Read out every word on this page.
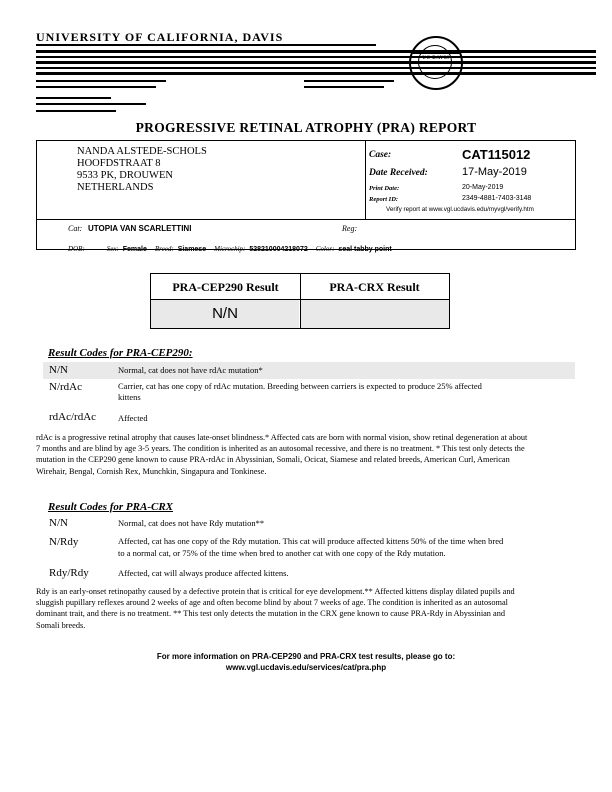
UNIVERSITY OF CALIFORNIA, DAVIS
UC DAVIS
PROGRESSIVE RETINAL ATROPHY (PRA) REPORT
NANDA ALSTEDE-SCHOLS
HOOFDSTRAAT 8
9533 PK, DROUWEN
NETHERLANDS
Case:	CAT115012
Date Received:	17-May-2019
Print Date:	20-May-2019
Report ID:	2349-4881-7403-3148
Verify report at www.vgl.ucdavis.edu/myvgl/verify.htm
Cat: UTOPIA VAN SCARLETTINI	Reg:
DOB:	Sex: Female Breed: Siamese Microchip: 528210004218072 Color: seal tabby point
PRA-CEP290 Result	PRA-CRX Result
N/N
Result Codes for PRA-CEP290:
N/N	Normal, cat does not have rdAc mutation*
N/rdAc	Carrier, cat has one copy of rdAc mutation. Breeding between carriers is expected to produce 25% affected
kittens
rdAc/rdAc	Affected
rdAc is a progressive retinal atrophy that causes late-onset blindness.* Affected cats are born with normal vision, show retinal degeneration at about
7 months and are blind by age 3-5 years. The condition is inherited as an autosomal recessive, and there is no treatment. * This test only detects the
mutation in the CEP290 gene known to cause PRA-rdAc in Abyssinian, Somali, Ocicat, Siamese and related breeds, American Curl, American
Wirehair, Bengal, Cornish Rex, Munchkin, Singapura and Tonkinese.
Result Codes for PRA-CRX
N/N	Normal, cat does not have Rdy mutation**
N/Rdy	Affected, cat has one copy of the Rdy mutation. This cat will produce affected kittens 50% of the time when bred
to a normal cat, or 75% of the time when bred to another cat with one copy of the Rdy mutation.
Rdy/Rdy	Affected, cat will always produce affected kittens.
Rdy is an early-onset retinopathy caused by a defective protein that is critical for eye development.** Affected kittens display dilated pupils and
sluggish pupillary reflexes around 2 weeks of age and often become blind by about 7 weeks of age. The condition is inherited as an autosomal
dominant trait, and there is no treatment. ** This test only detects the mutation in the CRX gene known to cause PRA-Rdy in Abyssinian and
Somali breeds.
For more information on PRA-CEP290 and PRA-CRX test results, please go to:
www.vgl.ucdavis.edu/services/cat/pra.php
